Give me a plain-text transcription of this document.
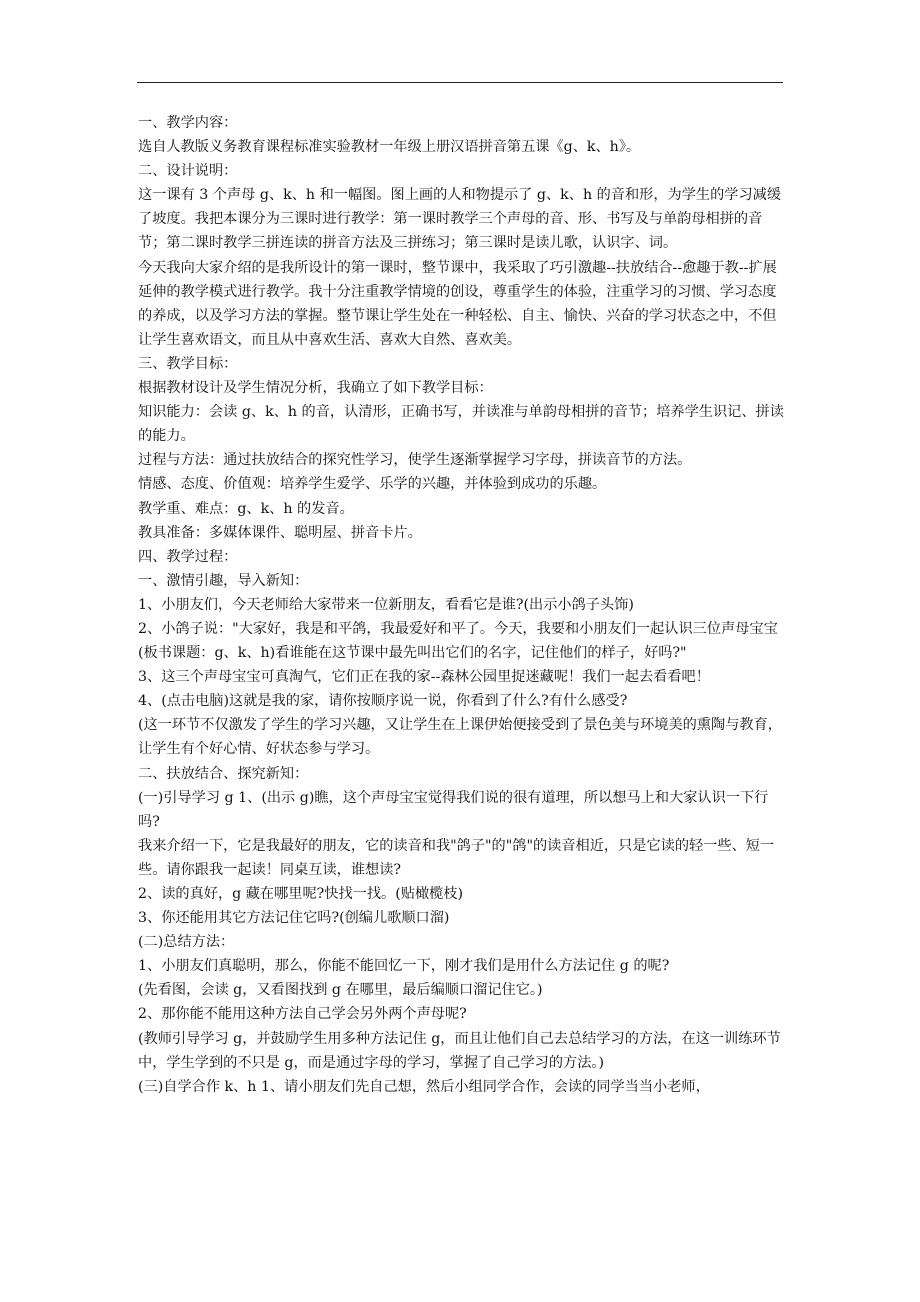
一、教学内容：

选自人教版义务教育课程标准实验教材一年级上册汉语拼音第五课《g、k、h》。

二、设计说明：

这一课有 3 个声母 g、k、h 和一幅图。图上画的人和物提示了 g、k、h 的音和形，为学生的学习减缓了坡度。我把本课分为三课时进行教学：第一课时教学三个声母的音、形、书写及与单韵母相拼的音节；第二课时教学三拼连读的拼音方法及三拼练习；第三课时是读儿歌，认识字、词。

今天我向大家介绍的是我所设计的第一课时，整节课中，我采取了巧引激趣--扶放结合--愈趣于教--扩展延伸的教学模式进行教学。我十分注重教学情境的创设，尊重学生的体验，注重学习的习惯、学习态度的养成，以及学习方法的掌握。整节课让学生处在一种轻松、自主、愉快、兴奋的学习状态之中，不但让学生喜欢语文，而且从中喜欢生活、喜欢大自然、喜欢美。

三、教学目标：

根据教材设计及学生情况分析，我确立了如下教学目标：

知识能力：会读 g、k、h 的音，认清形，正确书写，并读准与单韵母相拼的音节；培养学生识记、拼读的能力。

过程与方法：通过扶放结合的探究性学习，使学生逐渐掌握学习字母，拼读音节的方法。

情感、态度、价值观：培养学生爱学、乐学的兴趣，并体验到成功的乐趣。

教学重、难点：g、k、h 的发音。

教具准备：多媒体课件、聪明屋、拼音卡片。

四、教学过程：

一、激情引趣，导入新知：

1、小朋友们，今天老师给大家带来一位新朋友，看看它是谁?(出示小鸽子头饰)

2、小鸽子说："大家好，我是和平鸽，我最爱好和平了。今天，我要和小朋友们一起认识三位声母宝宝(板书课题：g、k、h)看谁能在这节课中最先叫出它们的名字，记住他们的样子，好吗?"

3、这三个声母宝宝可真淘气，它们正在我的家--森林公园里捉迷藏呢！我们一起去看看吧！

4、(点击电脑)这就是我的家，请你按顺序说一说，你看到了什么?有什么感受?

(这一环节不仅激发了学生的学习兴趣，又让学生在上课伊始便接受到了景色美与环境美的熏陶与教育，让学生有个好心情、好状态参与学习。

二、扶放结合、探究新知：

(一)引导学习 g 1、(出示 g)瞧，这个声母宝宝觉得我们说的很有道理，所以想马上和大家认识一下行吗?

我来介绍一下，它是我最好的朋友，它的读音和我"鸽子"的"鸽"的读音相近，只是它读的轻一些、短一些。请你跟我一起读！同桌互读，谁想读?

2、读的真好，g 藏在哪里呢?快找一找。(贴橄榄枝)

3、你还能用其它方法记住它吗?(创编儿歌顺口溜)

(二)总结方法：

1、小朋友们真聪明，那么，你能不能回忆一下，刚才我们是用什么方法记住 g 的呢?

(先看图，会读 g，又看图找到 g 在哪里，最后编顺口溜记住它。)

2、那你能不能用这种方法自己学会另外两个声母呢?

(教师引导学习 g，并鼓励学生用多种方法记住 g，而且让他们自己去总结学习的方法，在这一训练环节中，学生学到的不只是 g，而是通过字母的学习，掌握了自己学习的方法。)

(三)自学合作 k、h 1、请小朋友们先自己想，然后小组同学合作，会读的同学当当小老师，
